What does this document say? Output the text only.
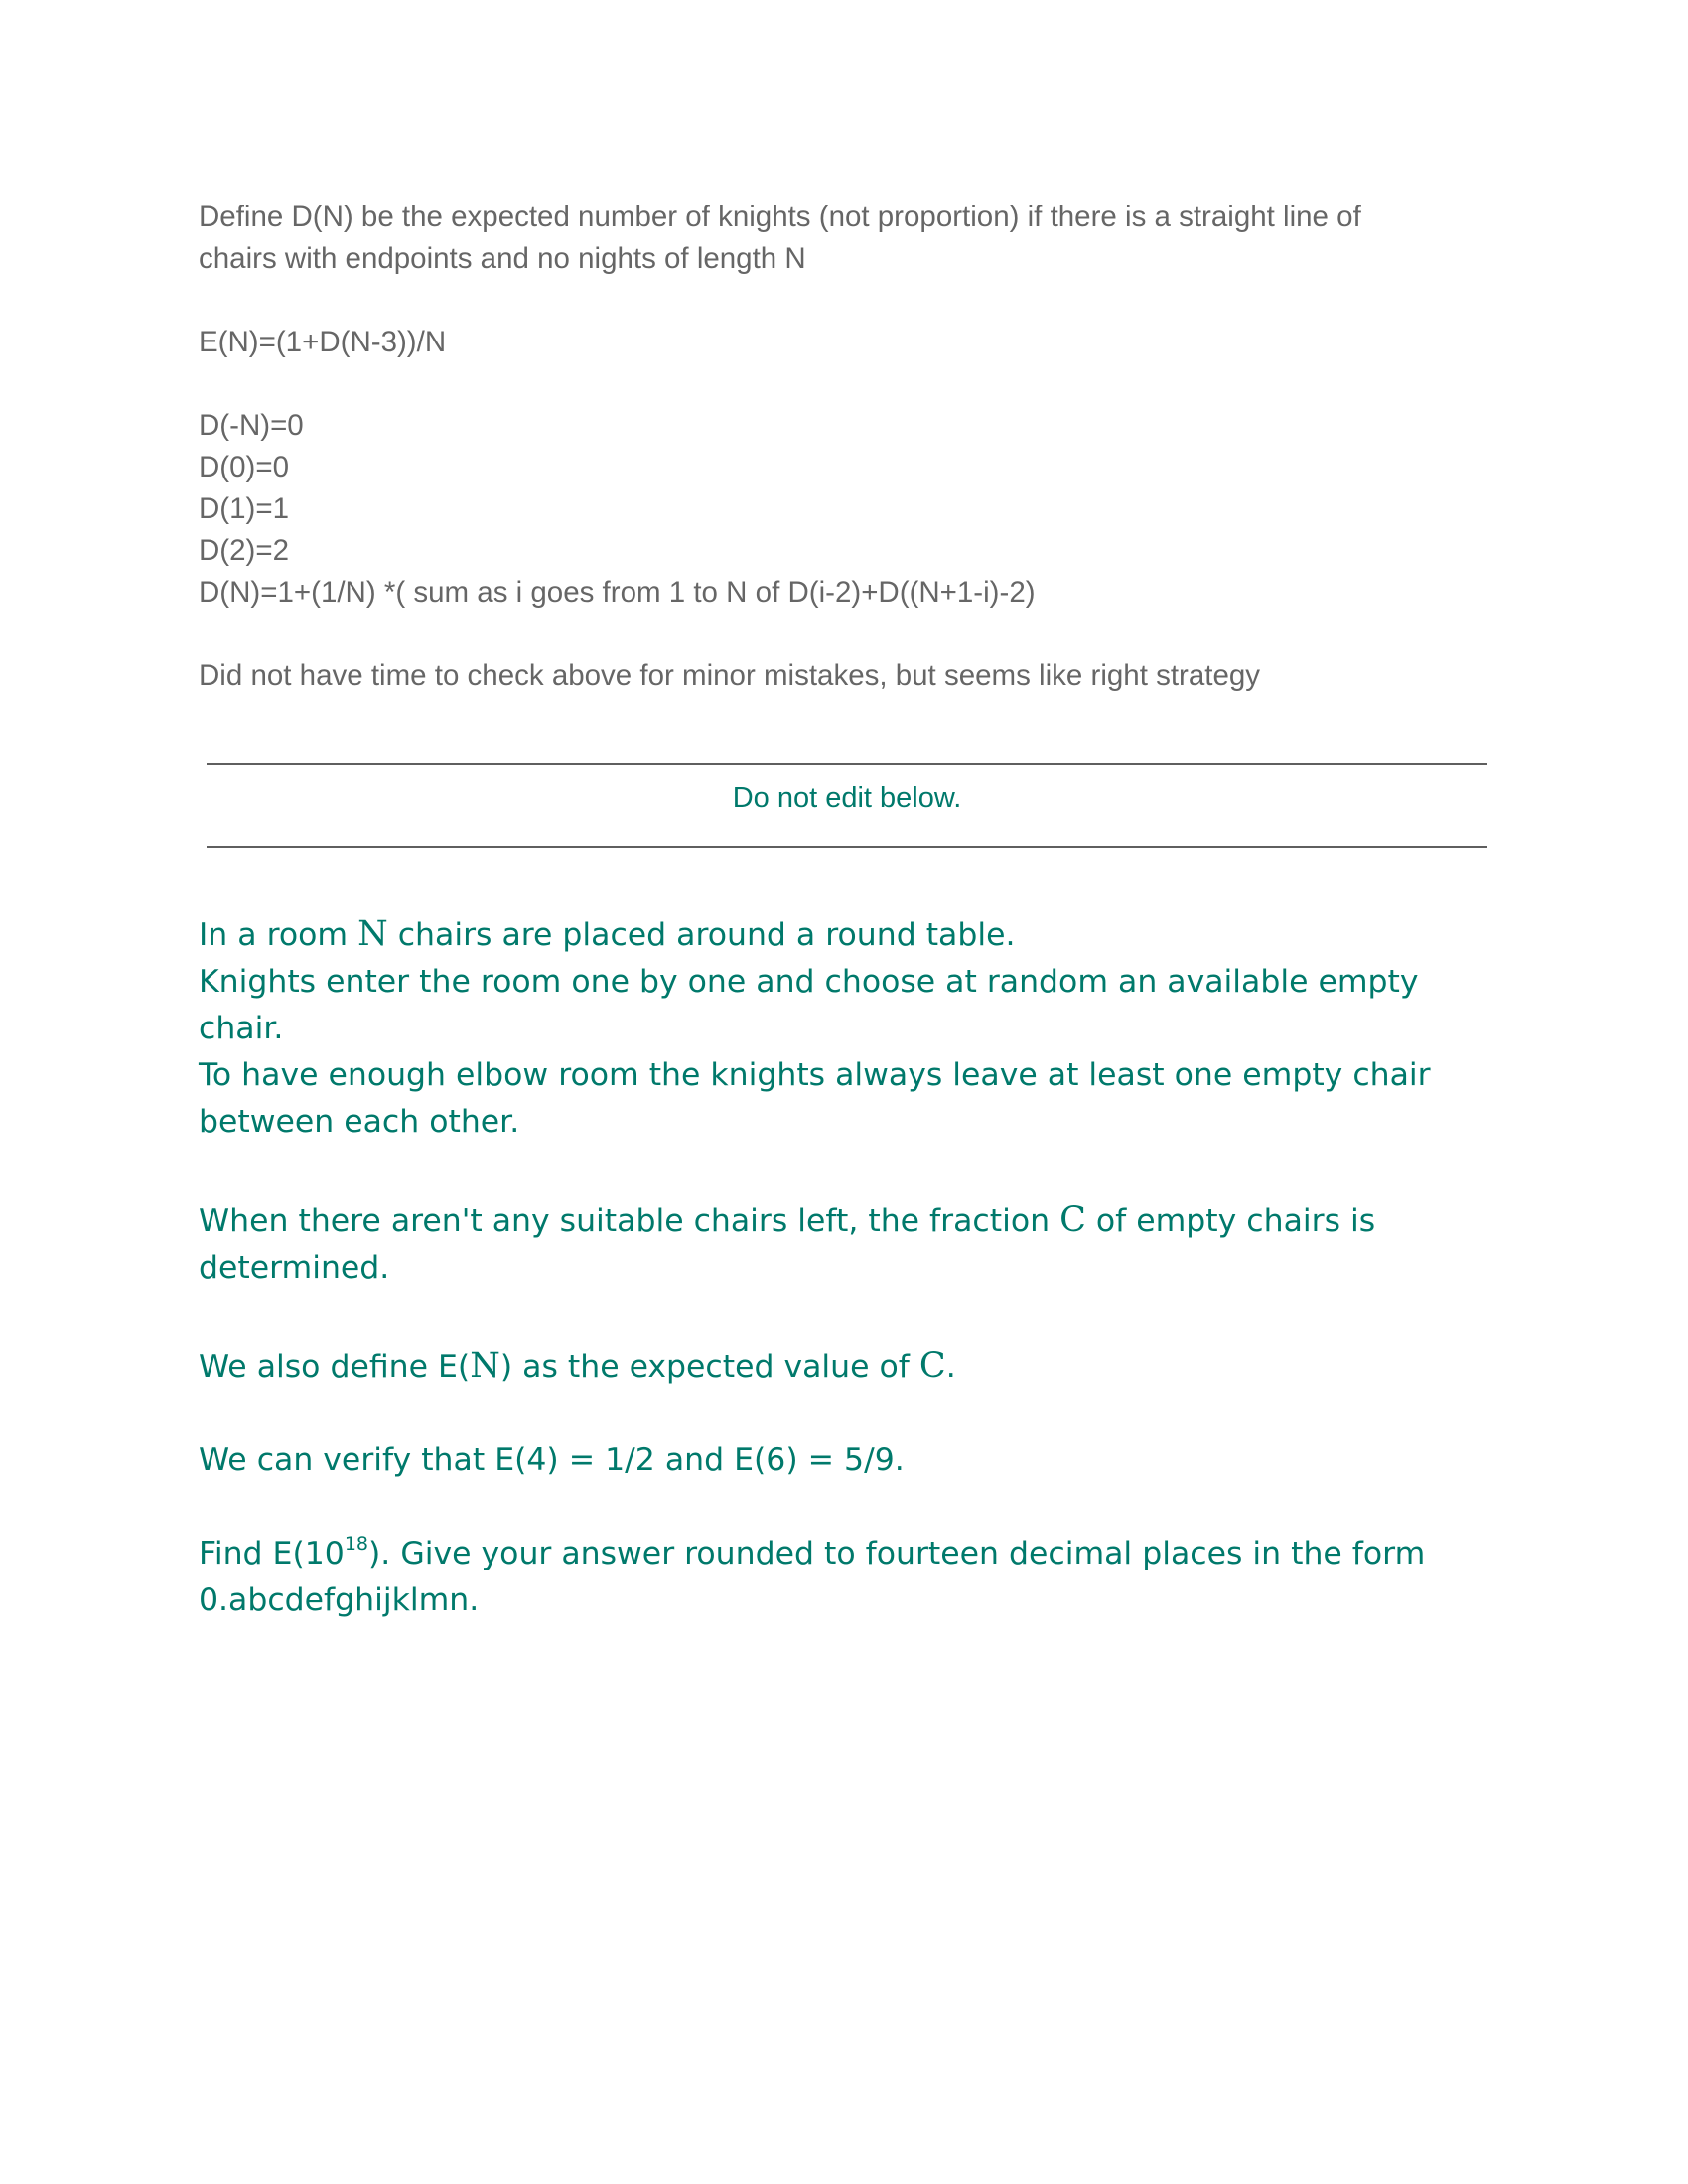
Define D(N) be the expected number of knights (not proportion) if there is a straight line of

chairs with endpoints and no nights of length N

E(N)=(1+D(N-3))/N

D(-N)=0

D(0)=0

D(1)=1

D(2)=2

D(N)=1+(1/N) *( sum as i goes from 1 to N of D(i-2)+D((N+1-i)-2)

Did not have time to check above for minor mistakes, but seems like right strategy

Do not edit below.

In a room N chairs are placed around a round table.

Knights enter the room one by one and choose at random an available empty chair.

To have enough elbow room the knights always leave at least one empty chair

between each other.

When there aren't any suitable chairs left, the fraction C of empty chairs is

determined.

We also define E(N) as the expected value of C.

We can verify that E(4) = 1/2 and E(6) = 5/9.

Find $E(10^{18})$. Give your answer rounded to fourteen decimal places in the form

0.abcdefghijklmn.
